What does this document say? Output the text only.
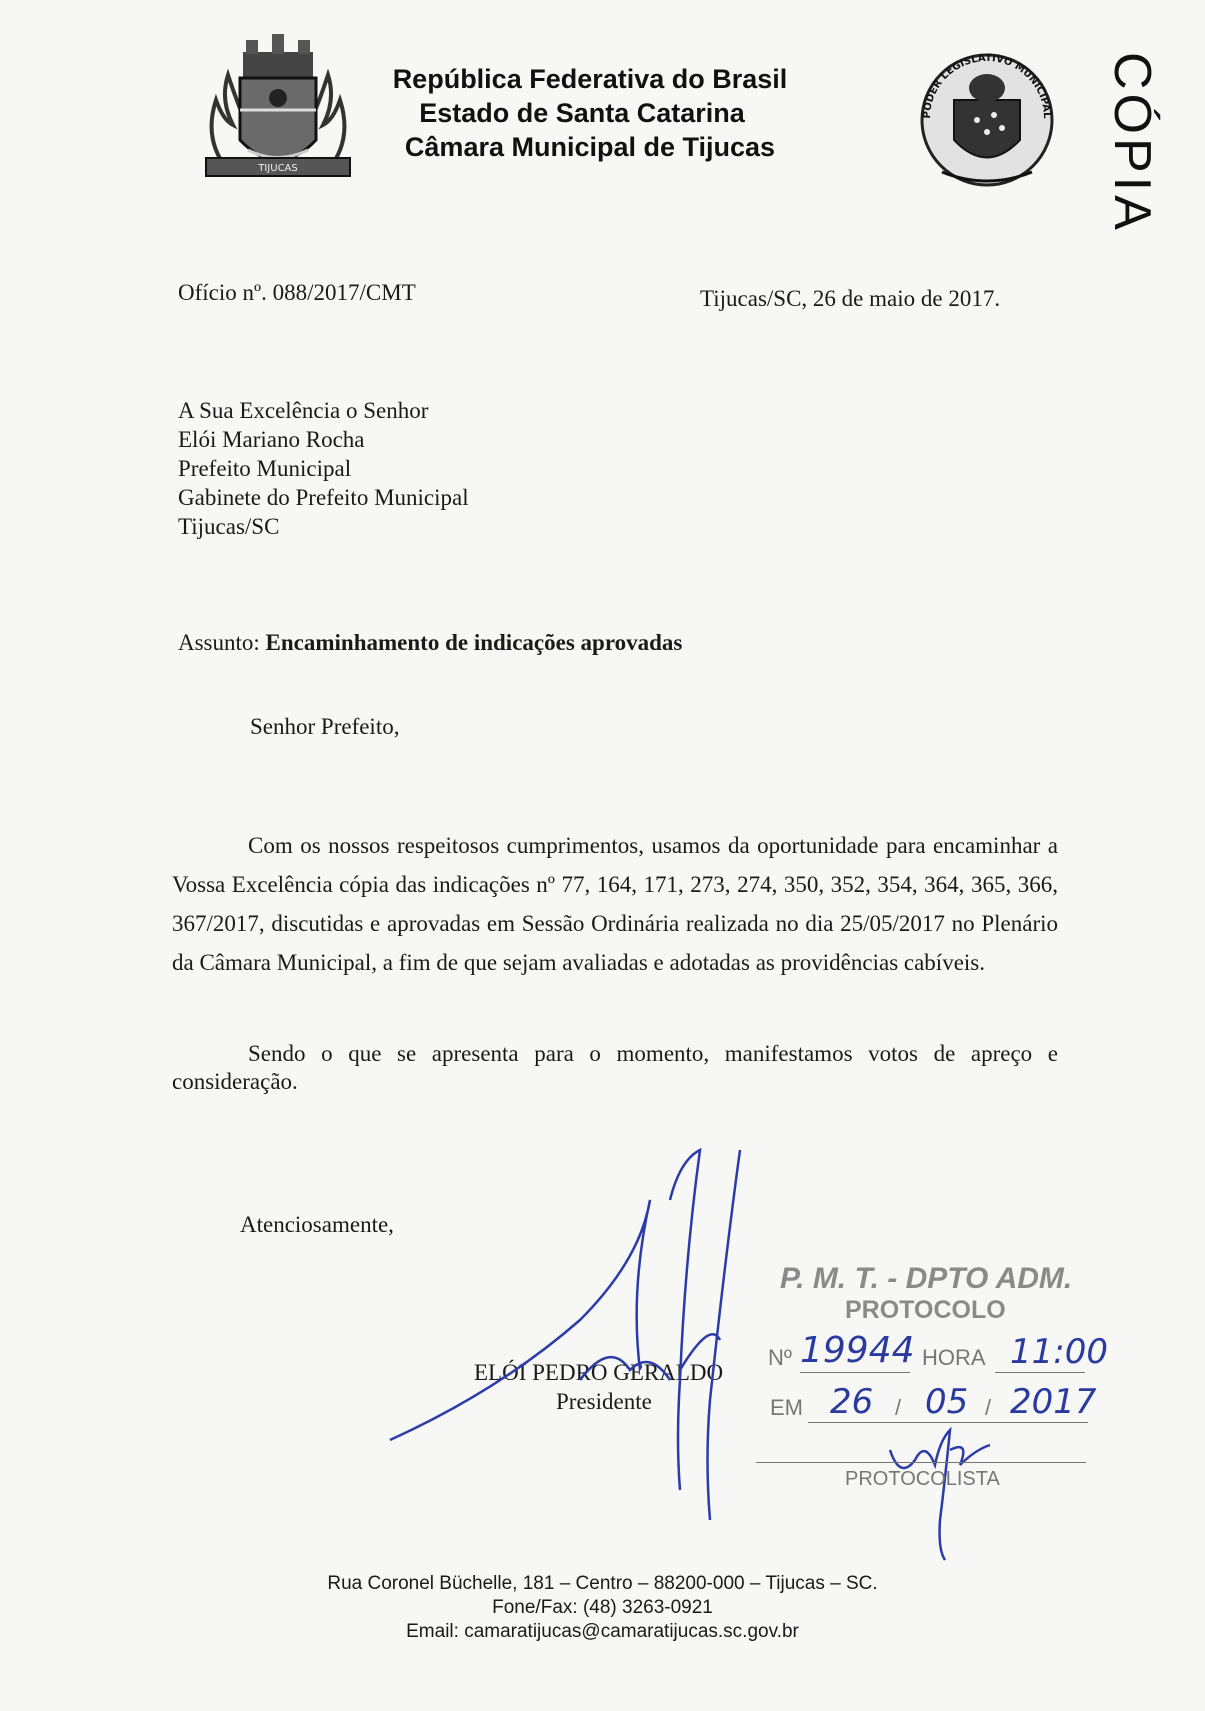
TIJUCAS
República Federativa do Brasil
Estado de Santa Catarina
Câmara Municipal de Tijucas
PODER LEGISLATIVO MUNICIPAL CÓPIA
Ofício nº. 088/2017/CMT	Tijucas/SC, 26 de maio de 2017.
A Sua Excelência o Senhor
Elói Mariano Rocha
Prefeito Municipal
Gabinete do Prefeito Municipal
Tijucas/SC
Assunto: Encaminhamento de indicações aprovadas
Senhor Prefeito,
Com os nossos respeitosos cumprimentos, usamos da oportunidade para encaminhar a Vossa Excelência cópia das indicações nº 77, 164, 171, 273, 274, 350, 352, 354, 364, 365, 366, 367/2017, discutidas e aprovadas em Sessão Ordinária realizada no dia 25/05/2017 no Plenário da Câmara Municipal, a fim de que sejam avaliadas e adotadas as providências cabíveis.
Sendo o que se apresenta para o momento, manifestamos votos de apreço e consideração.
Atenciosamente,
ELÓI PEDRO GERALDO
Presidente
P. M. T. - DPTO ADM.
PROTOCOLO
Nº 19944 HORA 11:00
EM 26 / 05 / 2017
PROTOCOLISTA
Rua Coronel Büchelle, 181 – Centro – 88200-000 – Tijucas – SC.
Fone/Fax: (48) 3263-0921
Email: camaratijucas@camaratijucas.sc.gov.br
